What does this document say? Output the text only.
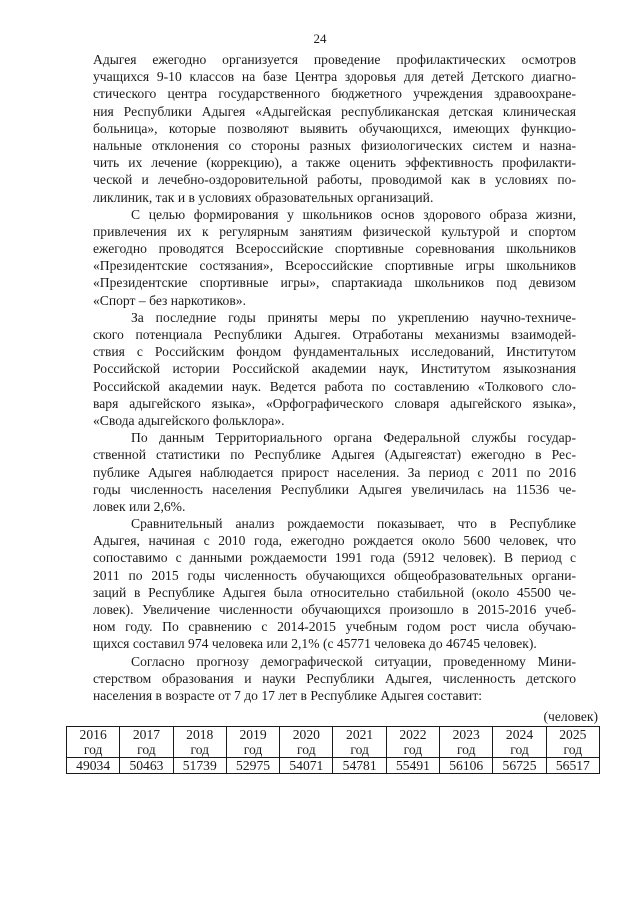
24
Адыгея ежегодно организуется проведение профилактических осмотров
учащихся 9-10 классов на базе Центра здоровья для детей Детского диагно-
стического центра государственного бюджетного учреждения здравоохране-
ния Республики Адыгея «Адыгейская республиканская детская клиническая
больница», которые позволяют выявить обучающихся, имеющих функцио-
нальные отклонения со стороны разных физиологических систем и назна-
чить их лечение (коррекцию), а также оценить эффективность профилакти-
ческой и лечебно-оздоровительной работы, проводимой как в условиях по-
ликлиник, так и в условиях образовательных организаций.
С целью формирования у школьников основ здорового образа жизни,
привлечения их к регулярным занятиям физической культурой и спортом
ежегодно проводятся Всероссийские спортивные соревнования школьников
«Президентские состязания», Всероссийские спортивные игры школьников
«Президентские спортивные игры», спартакиада школьников под девизом
«Спорт – без наркотиков».
За последние годы приняты меры по укреплению научно-техниче-
ского потенциала Республики Адыгея. Отработаны механизмы взаимодей-
ствия с Российским фондом фундаментальных исследований, Институтом
Российской истории Российской академии наук, Институтом языкознания
Российской академии наук. Ведется работа по составлению «Толкового сло-
варя адыгейского языка», «Орфографического словаря адыгейского языка»,
«Свода адыгейского фольклора».
По данным Территориального органа Федеральной службы государ-
ственной статистики по Республике Адыгея (Адыгеястат) ежегодно в Рес-
публике Адыгея наблюдается прирост населения. За период с 2011 по 2016
годы численность населения Республики Адыгея увеличилась на 11536 че-
ловек или 2,6%.
Сравнительный анализ рождаемости показывает, что в Республике
Адыгея, начиная с 2010 года, ежегодно рождается около 5600 человек, что
сопоставимо с данными рождаемости 1991 года (5912 человек). В период с
2011 по 2015 годы численность обучающихся общеобразовательных органи-
заций в Республике Адыгея была относительно стабильной (около 45500 че-
ловек). Увеличение численности обучающихся произошло в 2015-2016 учеб-
ном году. По сравнению с 2014-2015 учебным годом рост числа обучаю-
щихся составил 974 человека или 2,1% (с 45771 человека до 46745 человек).
Согласно прогнозу демографической ситуации, проведенному Мини-
стерством образования и науки Республики Адыгея, численность детского
населения в возрасте от 7 до 17 лет в Республике Адыгея составит:
(человек)
2016	2017	2018	2019	2020	2021	2022	2023	2024	2025
год	год	год	год	год	год	год	год	год	год
49034	50463	51739	52975	54071	54781	55491	56106	56725	56517
